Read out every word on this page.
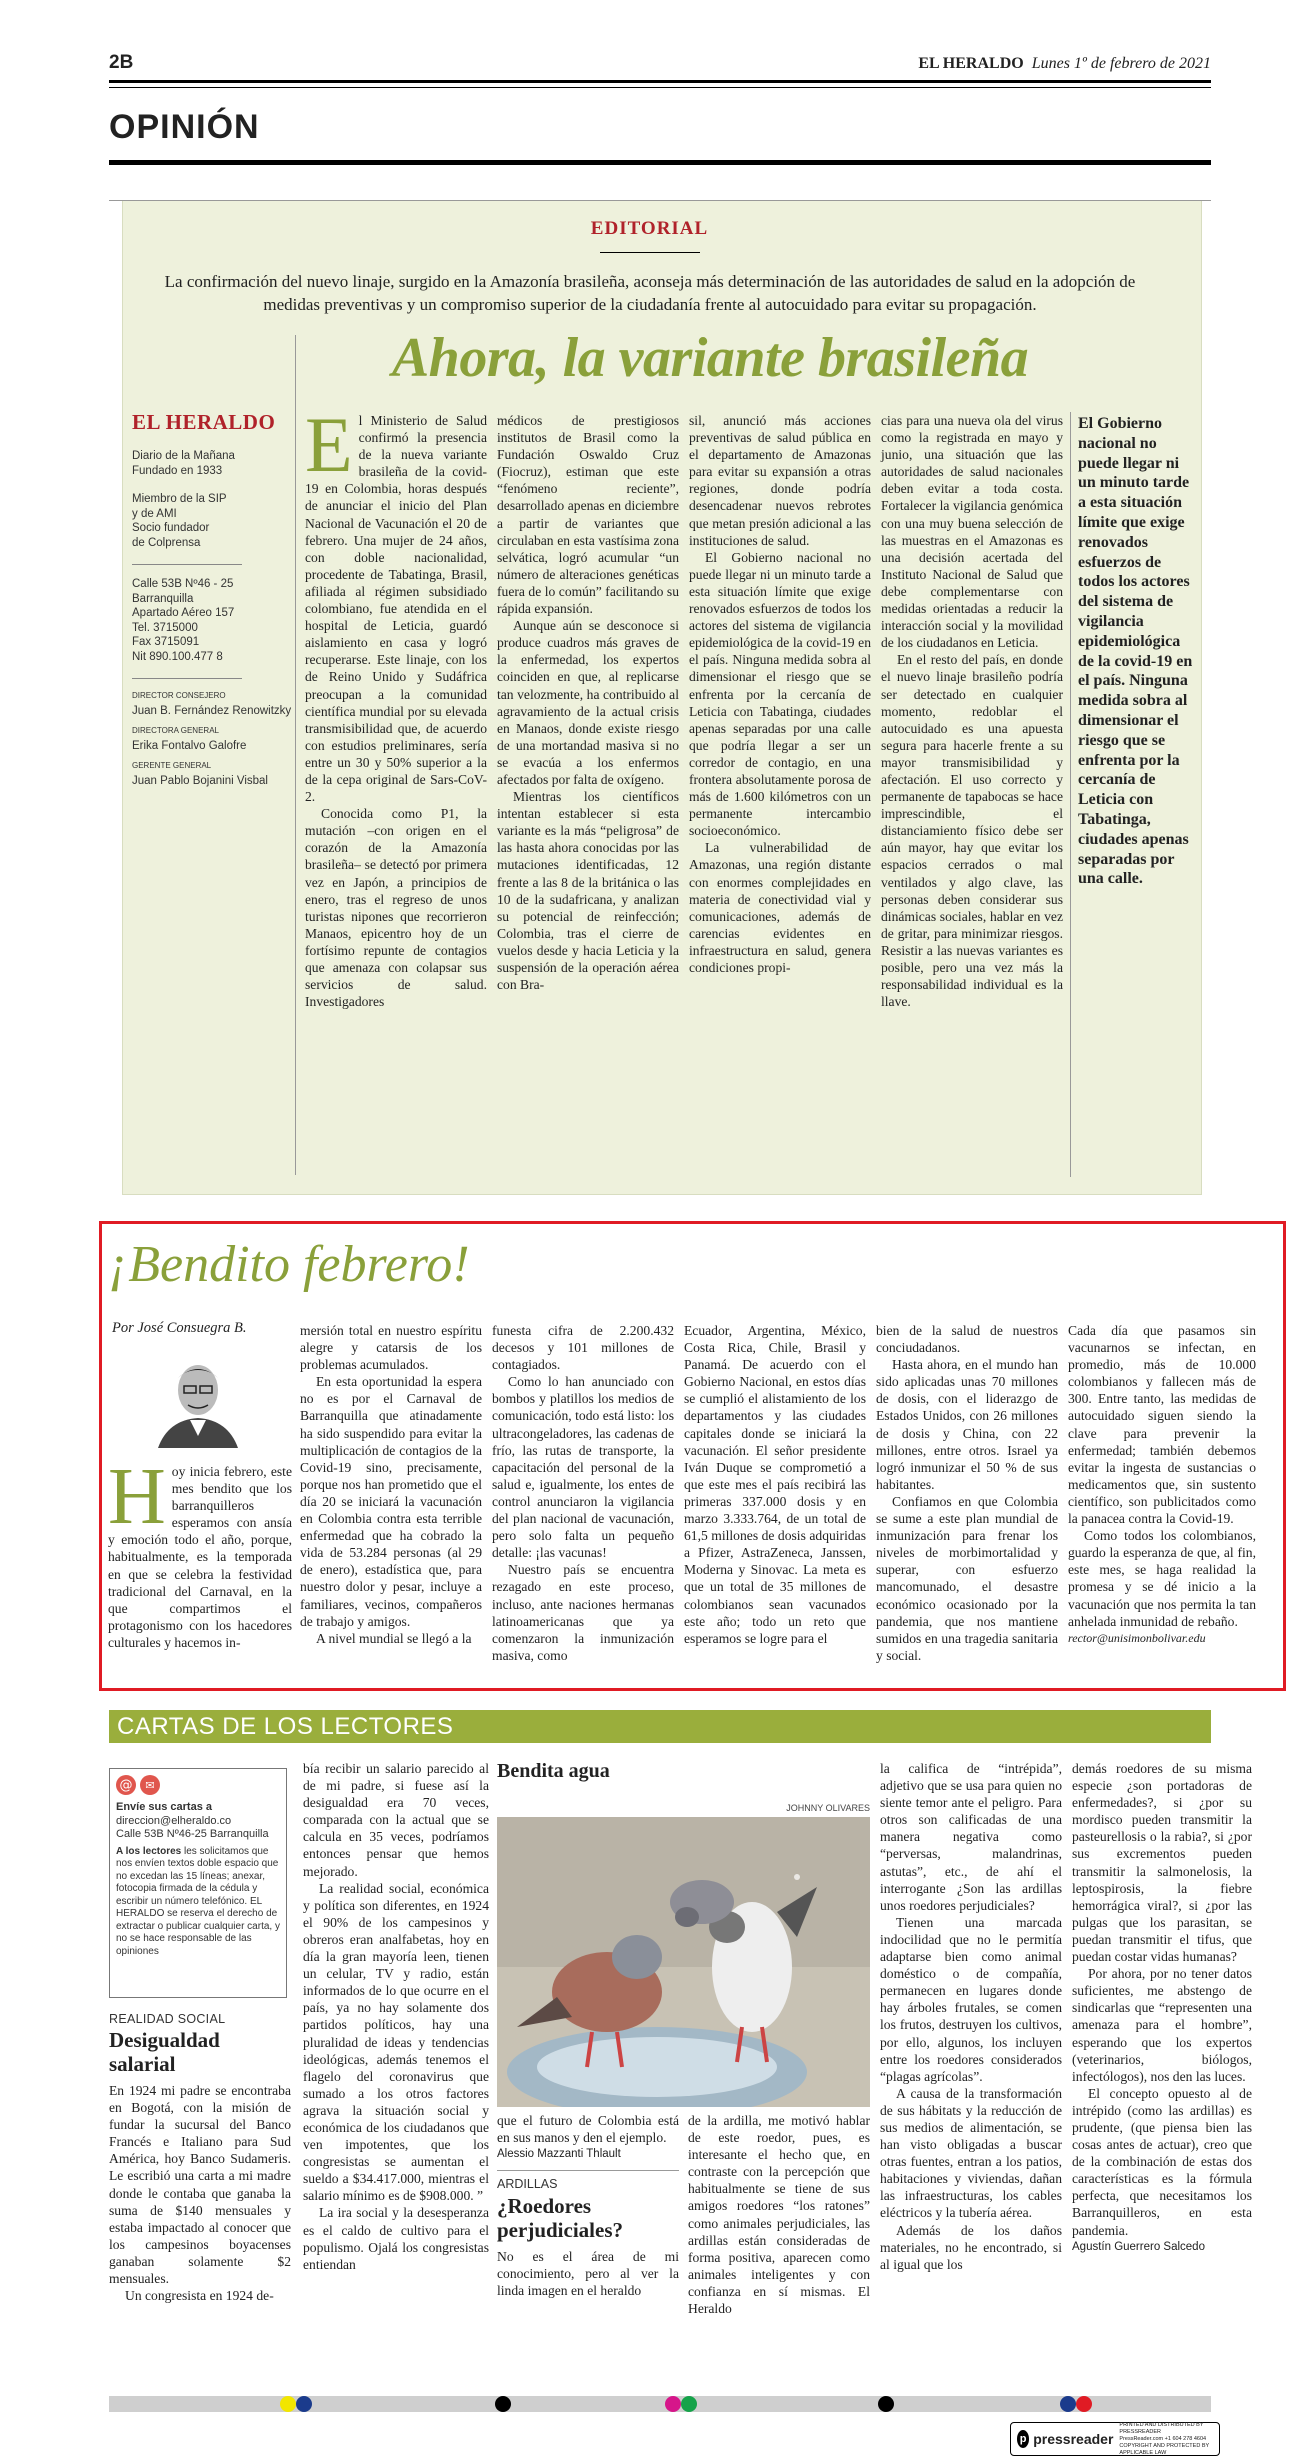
2B	EL HERALDO Lunes 1º de febrero de 2021
OPINIÓN
EDITORIAL
La confirmación del nuevo linaje, surgido en la Amazonía brasileña, aconseja más determinación de las autoridades de salud en la adopción de medidas preventivas y un compromiso superior de la ciudadanía frente al autocuidado para evitar su propagación.
Ahora, la variante brasileña
EL HERALDO
Diario de la Mañana
Fundado en 1933
Miembro de la SIP
y de AMI
Socio fundador
de Colprensa
Calle 53B Nº46 - 25
Barranquilla
Apartado Aéreo 157
Tel. 3715000
Fax 3715091
Nit 890.100.477 8
DIRECTOR CONSEJERO
Juan B. Fernández Renowitzky
DIRECTORA GENERAL
Erika Fontalvo Galofre
GERENTE GENERAL
Juan Pablo Bojanini Visbal

El Ministerio de Salud confirmó la presencia de la nueva variante brasileña de la covid-19 en Colombia, horas después de anunciar el inicio del Plan Nacional de Vacunación el 20 de febrero. Una mujer de 24 años, con doble nacionalidad, procedente de Tabatinga, Brasil, afiliada al régimen subsidiado colombiano, fue atendida en el hospital de Leticia, guardó aislamiento en casa y logró recuperarse. Este linaje, con los de Reino Unido y Sudáfrica preocupan a la comunidad científica mundial por su elevada transmisibilidad que, de acuerdo con estudios preliminares, sería entre un 30 y 50% superior a la de la cepa original de Sars-CoV-2.

Conocida como P1, la mutación –con origen en el corazón de la Amazonía brasileña– se detectó por primera vez en Japón, a principios de enero, tras el regreso de unos turistas nipones que recorrieron Manaos, epicentro hoy de un fortísimo repunte de contagios que amenaza con colapsar sus servicios de salud. Investigadores

médicos de prestigiosos institutos de Brasil como la Fundación Oswaldo Cruz (Fiocruz), estiman que este “fenómeno reciente”, desarrollado apenas en diciembre a partir de variantes que circulaban en esta vastísima zona selvática, logró acumular “un número de alteraciones genéticas fuera de lo común” facilitando su rápida expansión.

Aunque aún se desconoce si produce cuadros más graves de la enfermedad, los expertos coinciden en que, al replicarse tan velozmente, ha contribuido al agravamiento de la actual crisis en Manaos, donde existe riesgo de una mortandad masiva si no se evacúa a los enfermos afectados por falta de oxígeno.

Mientras los científicos intentan establecer si esta variante es la más “peligrosa” de las hasta ahora conocidas por las mutaciones identificadas, 12 frente a las 8 de la británica o las 10 de la sudafricana, y analizan su potencial de reinfección; Colombia, tras el cierre de vuelos desde y hacia Leticia y la suspensión de la operación aérea con Bra-

sil, anunció más acciones preventivas de salud pública en el departamento de Amazonas para evitar su expansión a otras regiones, donde podría desencadenar nuevos rebrotes que metan presión adicional a las instituciones de salud.

El Gobierno nacional no puede llegar ni un minuto tarde a esta situación límite que exige renovados esfuerzos de todos los actores del sistema de vigilancia epidemiológica de la covid-19 en el país. Ninguna medida sobra al dimensionar el riesgo que se enfrenta por la cercanía de Leticia con Tabatinga, ciudades apenas separadas por una calle que podría llegar a ser un corredor de contagio, en una frontera absolutamente porosa de más de 1.600 kilómetros con un permanente intercambio socioeconómico.

La vulnerabilidad de Amazonas, una región distante con enormes complejidades en materia de conectividad vial y comunicaciones, además de carencias evidentes en infraestructura en salud, genera condiciones propi-

cias para una nueva ola del virus como la registrada en mayo y junio, una situación que las autoridades de salud nacionales deben evitar a toda costa. Fortalecer la vigilancia genómica con una muy buena selección de las muestras en el Amazonas es una decisión acertada del Instituto Nacional de Salud que debe complementarse con medidas orientadas a reducir la interacción social y la movilidad de los ciudadanos en Leticia.

En el resto del país, en donde el nuevo linaje brasileño podría ser detectado en cualquier momento, redoblar el autocuidado es una apuesta segura para hacerle frente a su mayor transmisibilidad y afectación. El uso correcto y permanente de tapabocas se hace imprescindible, el distanciamiento físico debe ser aún mayor, hay que evitar los espacios cerrados o mal ventilados y algo clave, las personas deben considerar sus dinámicas sociales, hablar en vez de gritar, para minimizar riesgos. Resistir a las nuevas variantes es posible, pero una vez más la responsabilidad individual es la llave.

El Gobierno nacional no puede llegar ni un minuto tarde a esta situación límite que exige renovados esfuerzos de todos los actores del sistema de vigilancia epidemiológica de la covid-19 en el país. Ninguna medida sobra al dimensionar el riesgo que se enfrenta por la cercanía de Leticia con Tabatinga, ciudades apenas separadas por una calle.
¡Bendito febrero!
Por José Consuegra B.

Hoy inicia febrero, este mes bendito que los barranquilleros esperamos con ansía y emoción todo el año, porque, habitualmente, es la temporada en que se celebra la festividad tradicional del Carnaval, en la que compartimos el protagonismo con los hacedores culturales y hacemos in-

mersión total en nuestro espíritu alegre y catarsis de los problemas acumulados.

En esta oportunidad la espera no es por el Carnaval de Barranquilla que atinadamente ha sido suspendido para evitar la multiplicación de contagios de la Covid-19 sino, precisamente, porque nos han prometido que el día 20 se iniciará la vacunación en Colombia contra esta terrible enfermedad que ha cobrado la vida de 53.284 personas (al 29 de enero), estadística que, para nuestro dolor y pesar, incluye a familiares, vecinos, compañeros de trabajo y amigos.

A nivel mundial se llegó a la

funesta cifra de 2.200.432 decesos y 101 millones de contagiados.

Como lo han anunciado con bombos y platillos los medios de comunicación, todo está listo: los ultracongeladores, las cadenas de frío, las rutas de transporte, la capacitación del personal de la salud e, igualmente, los entes de control anunciaron la vigilancia del plan nacional de vacunación, pero solo falta un pequeño detalle: ¡las vacunas!

Nuestro país se encuentra rezagado en este proceso, incluso, ante naciones hermanas latinoamericanas que ya comenzaron la inmunización masiva, como

Ecuador, Argentina, México, Costa Rica, Chile, Brasil y Panamá. De acuerdo con el Gobierno Nacional, en estos días se cumplió el alistamiento de los departamentos y las ciudades capitales donde se iniciará la vacunación. El señor presidente Iván Duque se comprometió a que este mes el país recibirá las primeras 337.000 dosis y en marzo 3.333.764, de un total de 61,5 millones de dosis adquiridas a Pfizer, AstraZeneca, Janssen, Moderna y Sinovac. La meta es que un total de 35 millones de colombianos sean vacunados este año; todo un reto que esperamos se logre para el

bien de la salud de nuestros conciudadanos.

Hasta ahora, en el mundo han sido aplicadas unas 70 millones de dosis, con el liderazgo de Estados Unidos, con 26 millones de dosis y China, con 22 millones, entre otros. Israel ya logró inmunizar el 50 % de sus habitantes.

Confiamos en que Colombia se sume a este plan mundial de inmunización para frenar los niveles de morbimortalidad y superar, con esfuerzo mancomunado, el desastre económico ocasionado por la pandemia, que nos mantiene sumidos en una tragedia sanitaria y social.

Cada día que pasamos sin vacunarnos se infectan, en promedio, más de 10.000 colombianos y fallecen más de 300. Entre tanto, las medidas de autocuidado siguen siendo la clave para prevenir la enfermedad; también debemos evitar la ingesta de sustancias o medicamentos que, sin sustento científico, son publicitados como la panacea contra la Covid-19.

Como todos los colombianos, guardo la esperanza de que, al fin, este mes, se haga realidad la promesa y se dé inicio a la vacunación que nos permita la tan anhelada inmunidad de rebaño.

rector@unisimonbolivar.edu

CARTAS DE LOS LECTORES
@	✉
Envíe sus cartas a
direccion@elheraldo.co
Calle 53B Nº46-25 Barranquilla
A los lectores les solicitamos que nos envíen textos doble espacio que no excedan las 15 líneas; anexar, fotocopia firmada de la cédula y escribir un número telefónico. EL HERALDO se reserva el derecho de extractar o publicar cualquier carta, y no se hace responsable de las opiniones
REALIDAD SOCIAL
Desigualdad salarial

En 1924 mi padre se encontraba en Bogotá, con la misión de fundar la sucursal del Banco Francés e Italiano para Sud América, hoy Banco Sudameris. Le escribió una carta a mi madre donde le contaba que ganaba la suma de $140 mensuales y estaba impactado al conocer que los campesinos boyacenses ganaban solamente $2 mensuales.

Un congresista en 1924 de-

bía recibir un salario parecido al de mi padre, si fuese así la desigualdad era 70 veces, comparada con la actual que se calcula en 35 veces, podríamos entonces pensar que hemos mejorado.

La realidad social, económica y política son diferentes, en 1924 el 90% de los campesinos y obreros eran analfabetas, hoy en día la gran mayoría leen, tienen un celular, TV y radio, están informados de lo que ocurre en el país, ya no hay solamente dos partidos políticos, hay una pluralidad de ideas y tendencias ideológicas, además tenemos el flagelo del coronavirus que sumado a los otros factores agrava la situación social y económica de los ciudadanos que ven impotentes, que los congresistas se aumentan el sueldo a $34.417.000, mientras el salario mínimo es de $908.000. ”

La ira social y la desesperanza es el caldo de cultivo para el populismo. Ojalá los congresistas entiendan

Bendita agua
JOHNNY OLIVARES

que el futuro de Colombia está en sus manos y den el ejemplo.

Alessio Mazzanti Thlault

ARDILLAS
¿Roedores perjudiciales?

No es el área de mi conocimiento, pero al ver la linda imagen en el heraldo

de la ardilla, me motivó hablar de este roedor, pues, es interesante el hecho que, en contraste con la percepción que habitualmente se tiene de sus amigos roedores “los ratones” como animales perjudiciales, las ardillas están consideradas de forma positiva, aparecen como animales inteligentes y con confianza en sí mismas. El Heraldo

la califica de “intrépida”, adjetivo que se usa para quien no siente temor ante el peligro. Para otros son calificadas de una manera negativa como “perversas, malandrinas, astutas”, etc., de ahí el interrogante ¿Son las ardillas unos roedores perjudiciales?

Tienen una marcada indocilidad que no le permitía adaptarse bien como animal doméstico o de compañía, permanecen en lugares donde hay árboles frutales, se comen los frutos, destruyen los cultivos, por ello, algunos, los incluyen entre los roedores considerados “plagas agrícolas”.

A causa de la transformación de sus hábitats y la reducción de sus medios de alimentación, se han visto obligadas a buscar otras fuentes, entran a los patios, habitaciones y viviendas, dañan las infraestructuras, los cables eléctricos y la tubería aérea.

Además de los daños materiales, no he encontrado, si al igual que los

demás roedores de su misma especie ¿son portadoras de enfermedades?, si ¿por su mordisco pueden transmitir la pasteurellosis o la rabia?, si ¿por sus excrementos pueden transmitir la salmonelosis, la leptospirosis, la fiebre hemorrágica viral?, si ¿por las pulgas que los parasitan, se puedan transmitir el tifus, que puedan costar vidas humanas?

Por ahora, por no tener datos suficientes, me abstengo de sindicarlas que “representen una amenaza para el hombre”, esperando que los expertos (veterinarios, biólogos, infectólogos), nos den las luces.

El concepto opuesto al de intrépido (como las ardillas) es prudente, (que piensa bien las cosas antes de actuar), creo que de la combinación de estas dos características es la fórmula perfecta, que necesitamos los Barranquilleros, en esta pandemia.

Agustín Guerrero Salcedo

p pressreader
PRINTED AND DISTRIBUTED BY PRESSREADER
PressReader.com +1 604 278 4604
COPYRIGHT AND PROTECTED BY APPLICABLE LAW
